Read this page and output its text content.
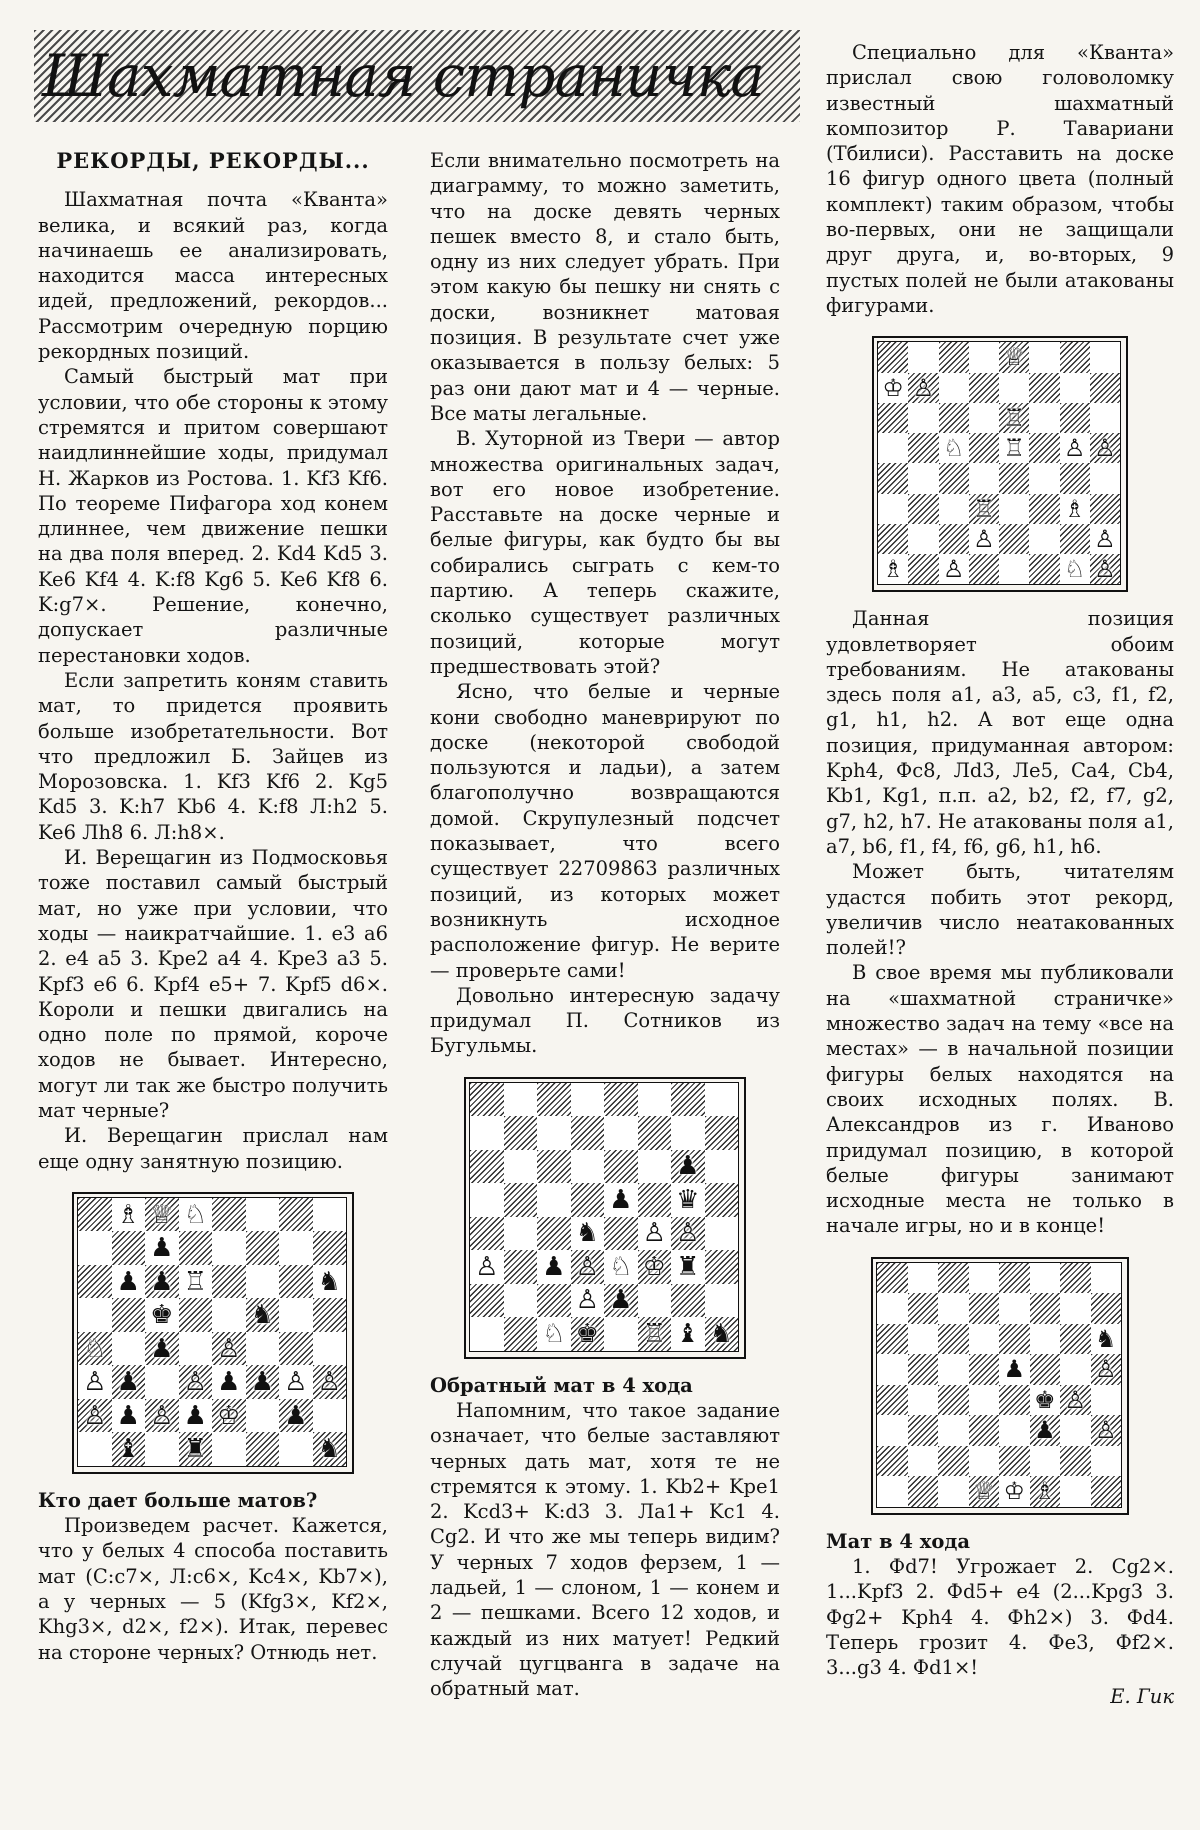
Шахматная страничка
РЕКОРДЫ, РЕКОРДЫ...

Шахматная почта «Кванта» велика, и всякий раз, когда начинаешь ее анализировать, находится масса интересных идей, предложений, рекордов... Рассмотрим очередную порцию рекордных позиций.

Самый быстрый мат при условии, что обе стороны к этому стремятся и притом совершают наидлиннейшие ходы, придумал Н. Жарков из Ростова. 1. Kf3 Kf6. По теореме Пифагора ход конем длиннее, чем движение пешки на два поля вперед. 2. Kd4 Kd5 3. Ke6 Kf4 4. K:f8 Kg6 5. Ke6 Kf8 6. K:g7×. Решение, конечно, допускает различные перестановки ходов.

Если запретить коням ставить мат, то придется проявить больше изобретательности. Вот что предложил Б. Зайцев из Морозовска. 1. Kf3 Kf6 2. Kg5 Kd5 3. K:h7 Kb6 4. K:f8 Л:h2 5. Ke6 Лh8 6. Л:h8×.

И. Верещагин из Подмосковья тоже поставил самый быстрый мат, но уже при условии, что ходы — наикратчайшие. 1. e3 a6 2. e4 a5 3. Kpe2 a4 4. Kpe3 a3 5. Kpf3 e6 6. Kpf4 e5+ 7. Kpf5 d6×. Короли и пешки двигались на одно поле по прямой, короче ходов не бывает. Интересно, могут ли так же быстро получить мат черные?

И. Верещагин прислал нам еще одну занятную позицию.

♗ ♕ ♘
♟
♟ ♟ ♖	♞
♚	♞
♘ ♟ ♙
♙ ♟ ♙ ♟ ♟ ♙ ♙
♙ ♟ ♙ ♟ ♔ ♟
♝ ♜	♞
Кто дает больше матов?

Произведем расчет. Кажется, что у белых 4 способа поставить мат (C:c7×, Л:c6×, Kc4×, Kb7×), а у черных — 5 (Kfg3×, Kf2×, Khg3×, d2×, f2×). Итак, перевес на стороне черных? Отнюдь нет.

Если внимательно посмотреть на диаграмму, то можно заметить, что на доске девять черных пешек вместо 8, и стало быть, одну из них следует убрать. При этом какую бы пешку ни снять с доски, возникнет матовая позиция. В результате счет уже оказывается в пользу белых: 5 раз они дают мат и 4 — черные. Все маты легальные.

В. Хуторной из Твери — автор множества оригинальных задач, вот его новое изобретение. Расставьте на доске черные и белые фигуры, как будто бы вы собирались сыграть с кем-то партию. А теперь скажите, сколько существует различных позиций, которые могут предшествовать этой?

Ясно, что белые и черные кони свободно маневрируют по доске (некоторой свободой пользуются и ладьи), а затем благополучно возвращаются домой. Скрупулезный подсчет показывает, что всего существует 22709863 различных позиций, из которых может возникнуть исходное расположение фигур. Не верите — проверьте сами!

Довольно интересную задачу придумал П. Сотников из Бугульмы.

♟
♟ ♛
♞ ♙ ♙
♙ ♟ ♙ ♘ ♔ ♜
♙ ♟
♘ ♚ ♖ ♝ ♞
Обратный мат в 4 хода

Напомним, что такое задание означает, что белые заставляют черных дать мат, хотя те не стремятся к этому. 1. Kb2+ Kpe1 2. Kcd3+ K:d3 3. Лa1+ Kc1 4. Cg2. И что же мы теперь видим? У черных 7 ходов ферзем, 1 — ладьей, 1 — слоном, 1 — конем и 2 — пешками. Всего 12 ходов, и каждый из них матует! Редкий случай цугцванга в задаче на обратный мат.

Специально для «Кванта» прислал свою головоломку известный шахматный композитор Р. Тавариани (Тбилиси). Расставить на доске 16 фигур одного цвета (полный комплект) таким образом, чтобы во-первых, они не защищали друг друга, и, во-вторых, 9 пустых полей не были атакованы фигурами.

♕
♔ ♙
♖
♘ ♖ ♙ ♙
♖	♗
♙	♙
♗ ♙	♘ ♙

Данная позиция удовлетворяет обоим требованиям. Не атакованы здесь поля a1, a3, a5, c3, f1, f2, g1, h1, h2. А вот еще одна позиция, придуманная автором: Kph4, Фc8, Лd3, Лe5, Ca4, Cb4, Kb1, Kg1, п.п. a2, b2, f2, f7, g2, g7, h2, h7. Не атакованы поля a1, a7, b6, f1, f4, f6, g6, h1, h6.

Может быть, читателям удастся побить этот рекорд, увеличив число неатакованных полей!?

В свое время мы публиковали на «шахматной страничке» множество задач на тему «все на местах» — в начальной позиции фигуры белых находятся на своих исходных полях. В. Александров из г. Иваново придумал позицию, в которой белые фигуры занимают исходные места не только в начале игры, но и в конце!

♞
♟	♙
♚ ♙
♟ ♙
♕ ♔ ♗
Мат в 4 хода

1. Фd7! Угрожает 2. Cg2×. 1...Kpf3 2. Фd5+ e4 (2...Kpg3 3. Фg2+ Kph4 4. Фh2×) 3. Фd4. Теперь грозит 4. Фe3, Фf2×. 3...g3 4. Фd1×!

Е. Гик
